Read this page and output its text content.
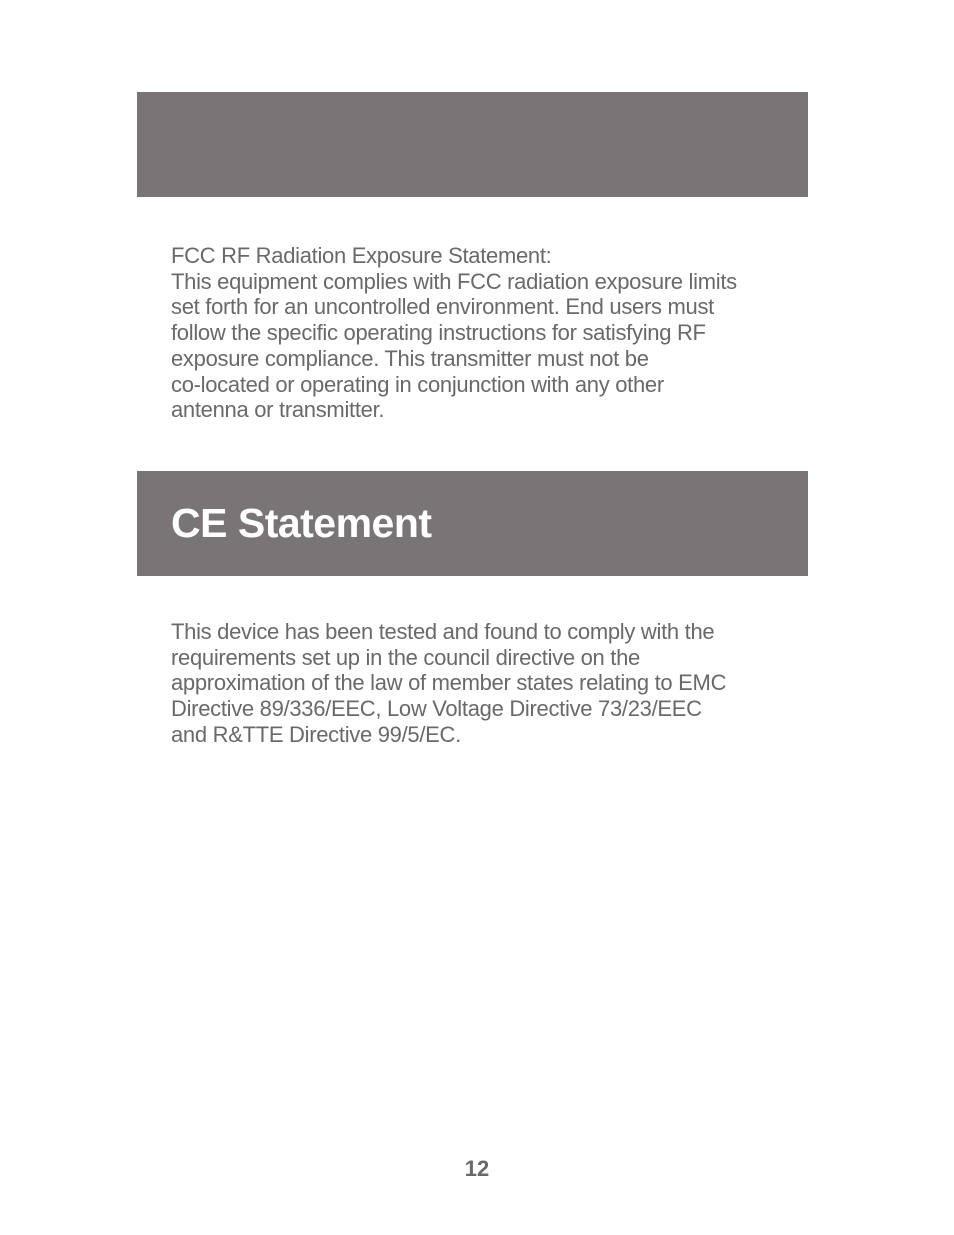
FCC RF Radiation Exposure Statement:
This equipment complies with FCC radiation exposure limits
set forth for an uncontrolled environment. End users must
follow the specific operating instructions for satisfying RF
exposure compliance. This transmitter must not be
co-located or operating in conjunction with any other
antenna or transmitter.
CE Statement
This device has been tested and found to comply with the
requirements set up in the council directive on the
approximation of the law of member states relating to EMC
Directive 89/336/EEC, Low Voltage Directive 73/23/EEC
and R&TTE Directive 99/5/EC.
12
